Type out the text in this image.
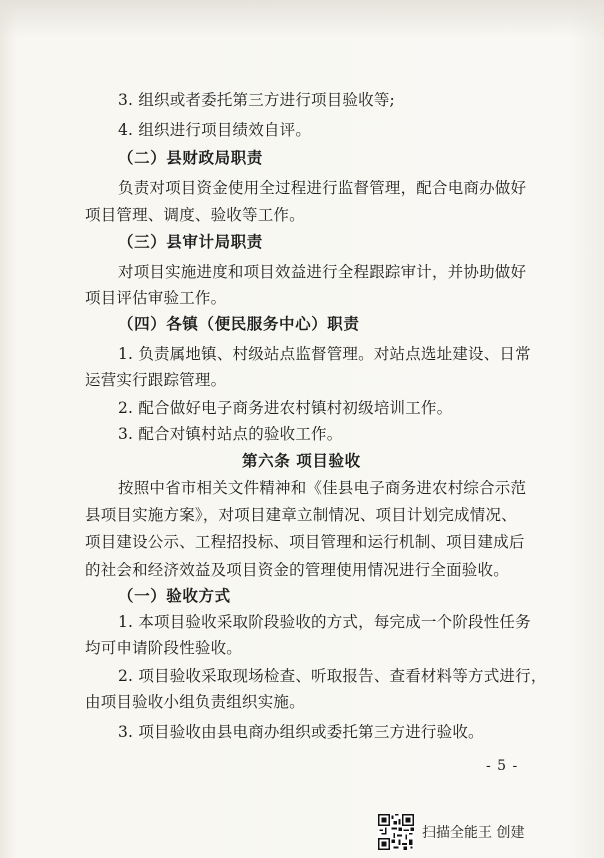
3. 组织或者委托第三方进行项目验收等;
4. 组织进行项目绩效自评。
（二）县财政局职责
负责对项目资金使用全过程进行监督管理，配合电商办做好
项目管理、调度、验收等工作。
（三）县审计局职责
对项目实施进度和项目效益进行全程跟踪审计，并协助做好
项目评估审验工作。
（四）各镇（便民服务中心）职责
1. 负责属地镇、村级站点监督管理。对站点选址建设、日常
运营实行跟踪管理。
2. 配合做好电子商务进农村镇村初级培训工作。
3. 配合对镇村站点的验收工作。
第六条 项目验收
按照中省市相关文件精神和《佳县电子商务进农村综合示范
县项目实施方案》，对项目建章立制情况、项目计划完成情况、
项目建设公示、工程招投标、项目管理和运行机制、项目建成后
的社会和经济效益及项目资金的管理使用情况进行全面验收。
（一）验收方式
1. 本项目验收采取阶段验收的方式，每完成一个阶段性任务
均可申请阶段性验收。
2. 项目验收采取现场检查、听取报告、查看材料等方式进行，
由项目验收小组负责组织实施。
3. 项目验收由县电商办组织或委托第三方进行验收。
- 5 -
扫描全能王 创建
